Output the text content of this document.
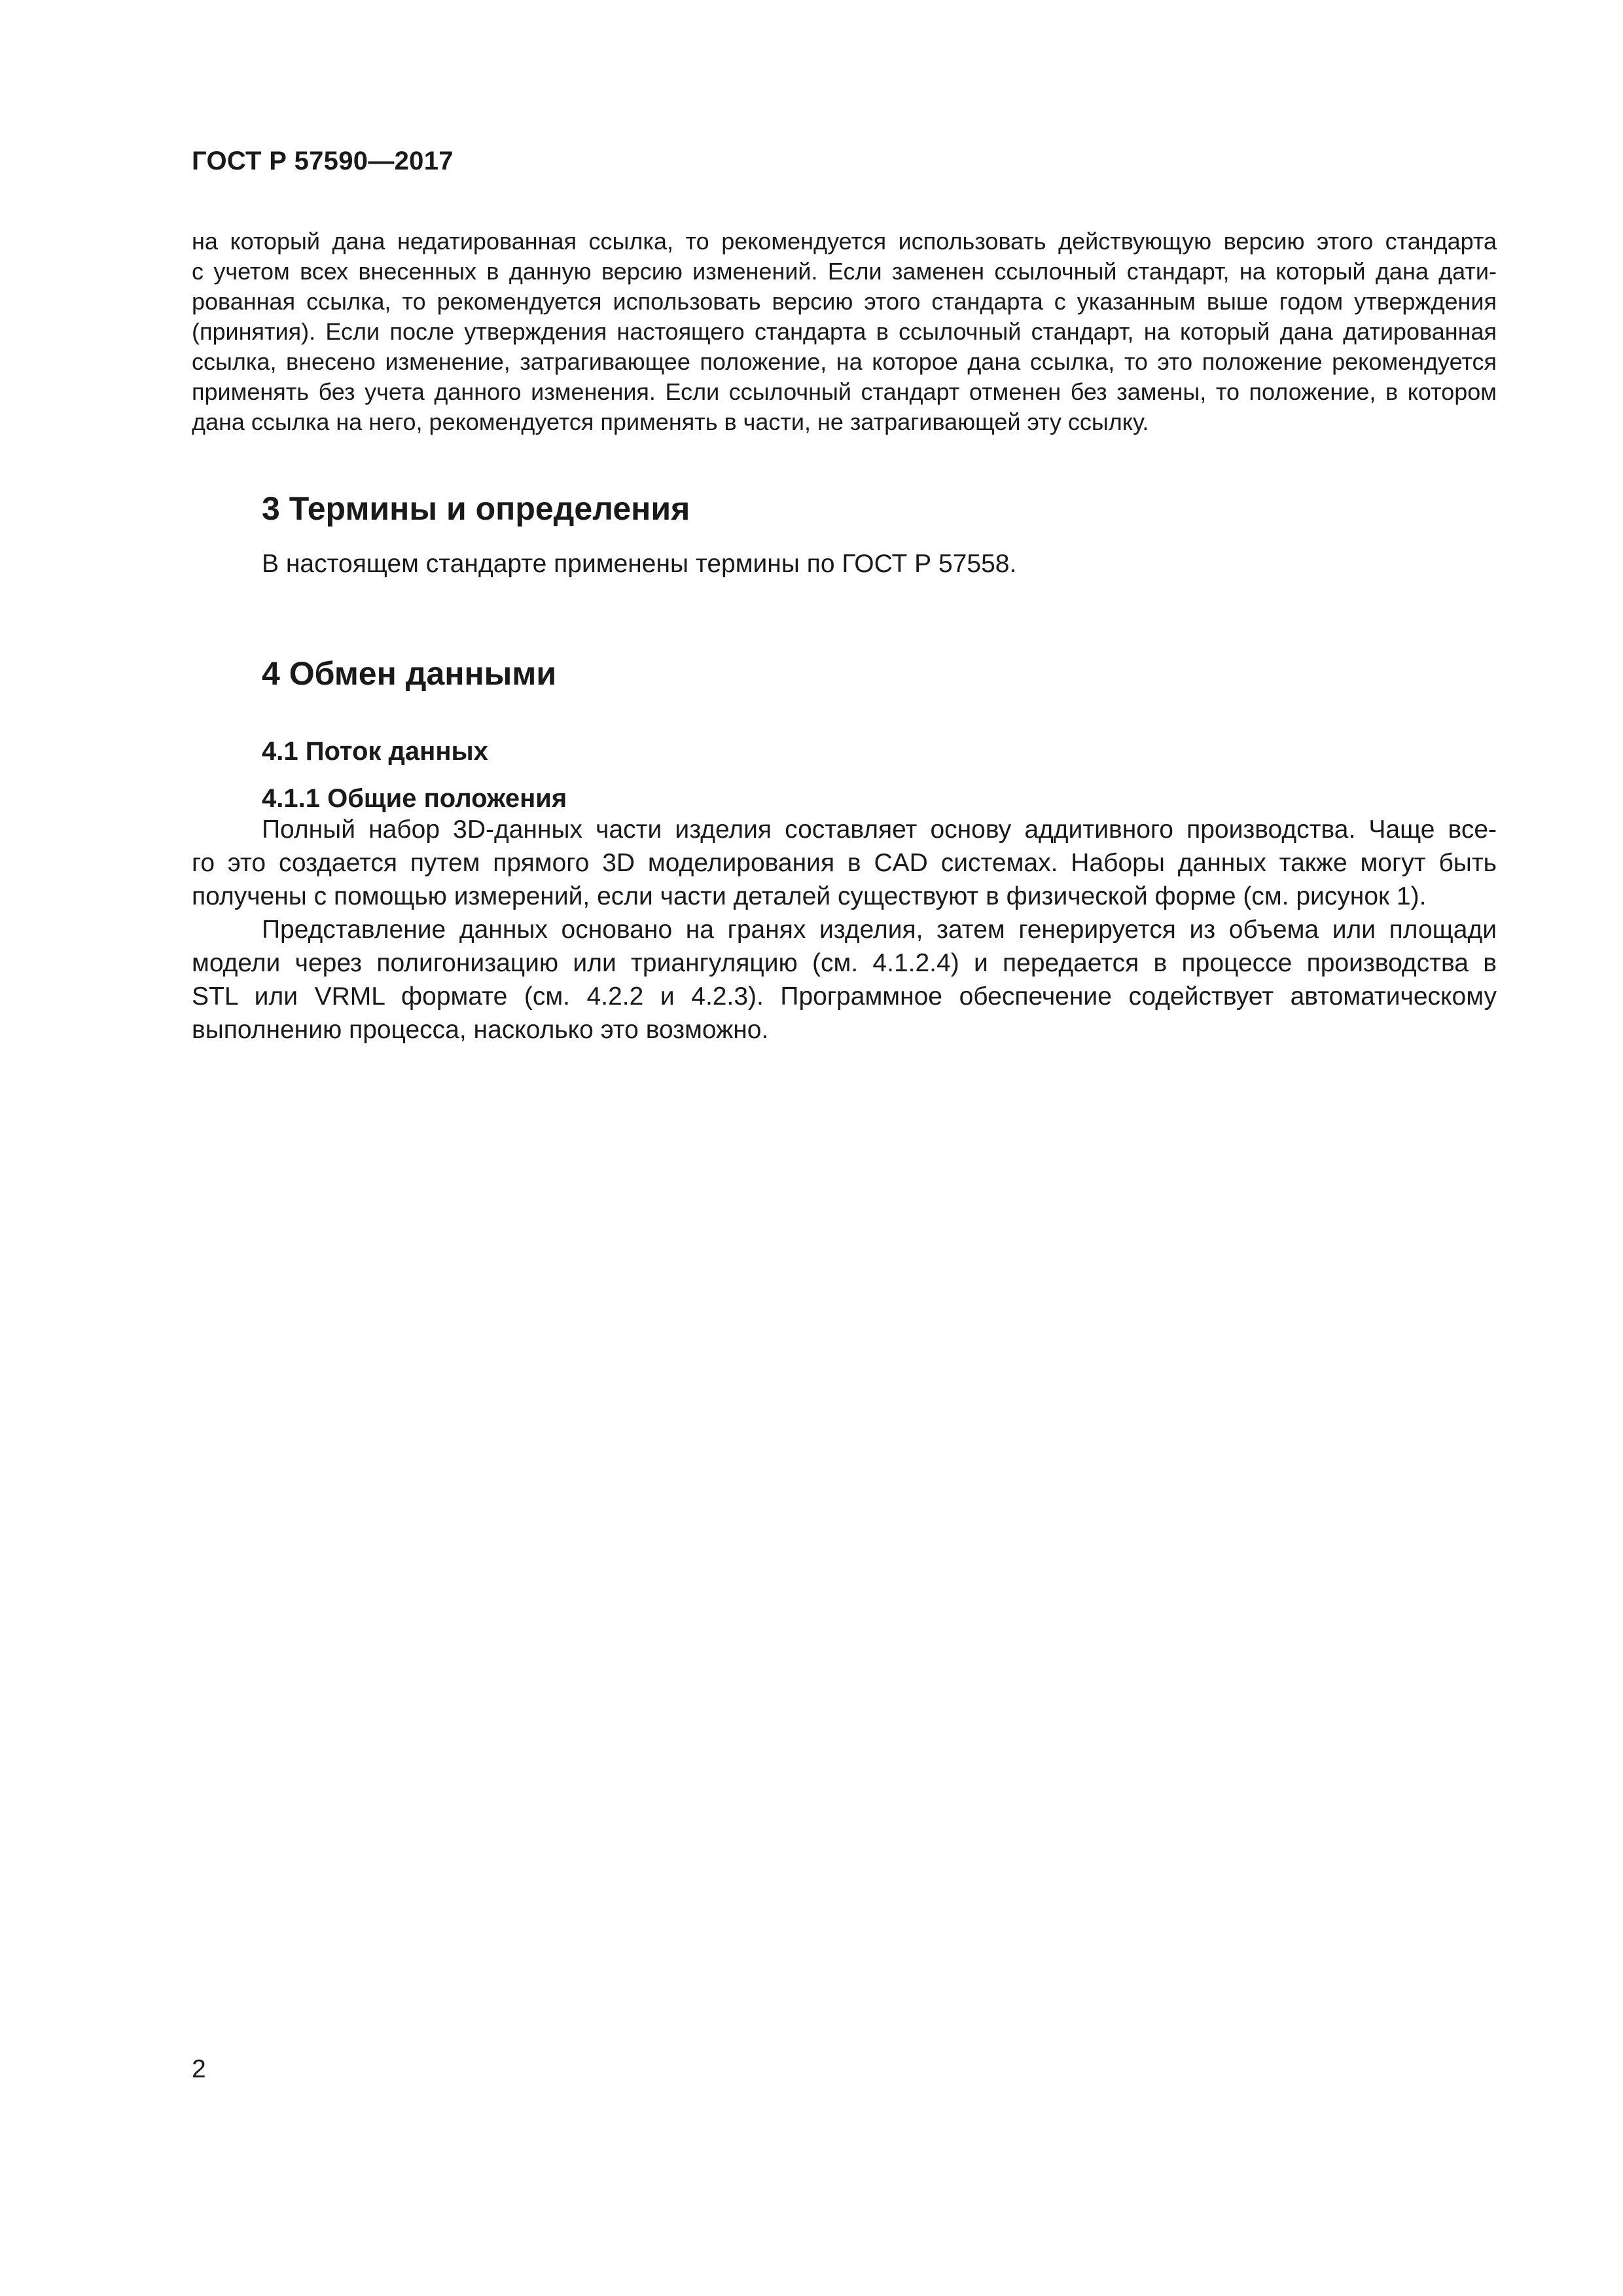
ГОСТ Р 57590—2017
на который дана недатированная ссылка, то рекомендуется использовать действующую версию этого стандарта
с учетом всех внесенных в данную версию изменений. Если заменен ссылочный стандарт, на который дана дати-
рованная ссылка, то рекомендуется использовать версию этого стандарта с указанным выше годом утверждения
(принятия). Если после утверждения настоящего стандарта в ссылочный стандарт, на который дана датированная
ссылка, внесено изменение, затрагивающее положение, на которое дана ссылка, то это положение рекомендуется
применять без учета данного изменения. Если ссылочный стандарт отменен без замены, то положение, в котором
дана ссылка на него, рекомендуется применять в части, не затрагивающей эту ссылку.
3 Термины и определения
В настоящем стандарте применены термины по ГОСТ Р 57558.
4 Обмен данными
4.1 Поток данных
4.1.1 Общие положения
Полный набор 3D-данных части изделия составляет основу аддитивного производства. Чаще все-
го это создается путем прямого 3D моделирования в CAD системах. Наборы данных также могут быть
получены с помощью измерений, если части деталей существуют в физической форме (см. рисунок 1).
Представление данных основано на гранях изделия, затем генерируется из объема или площади
модели через полигонизацию или триангуляцию (см. 4.1.2.4) и передается в процессе производства в
STL или VRML формате (см. 4.2.2 и 4.2.3). Программное обеспечение содействует автоматическому
выполнению процесса, насколько это возможно.
2
